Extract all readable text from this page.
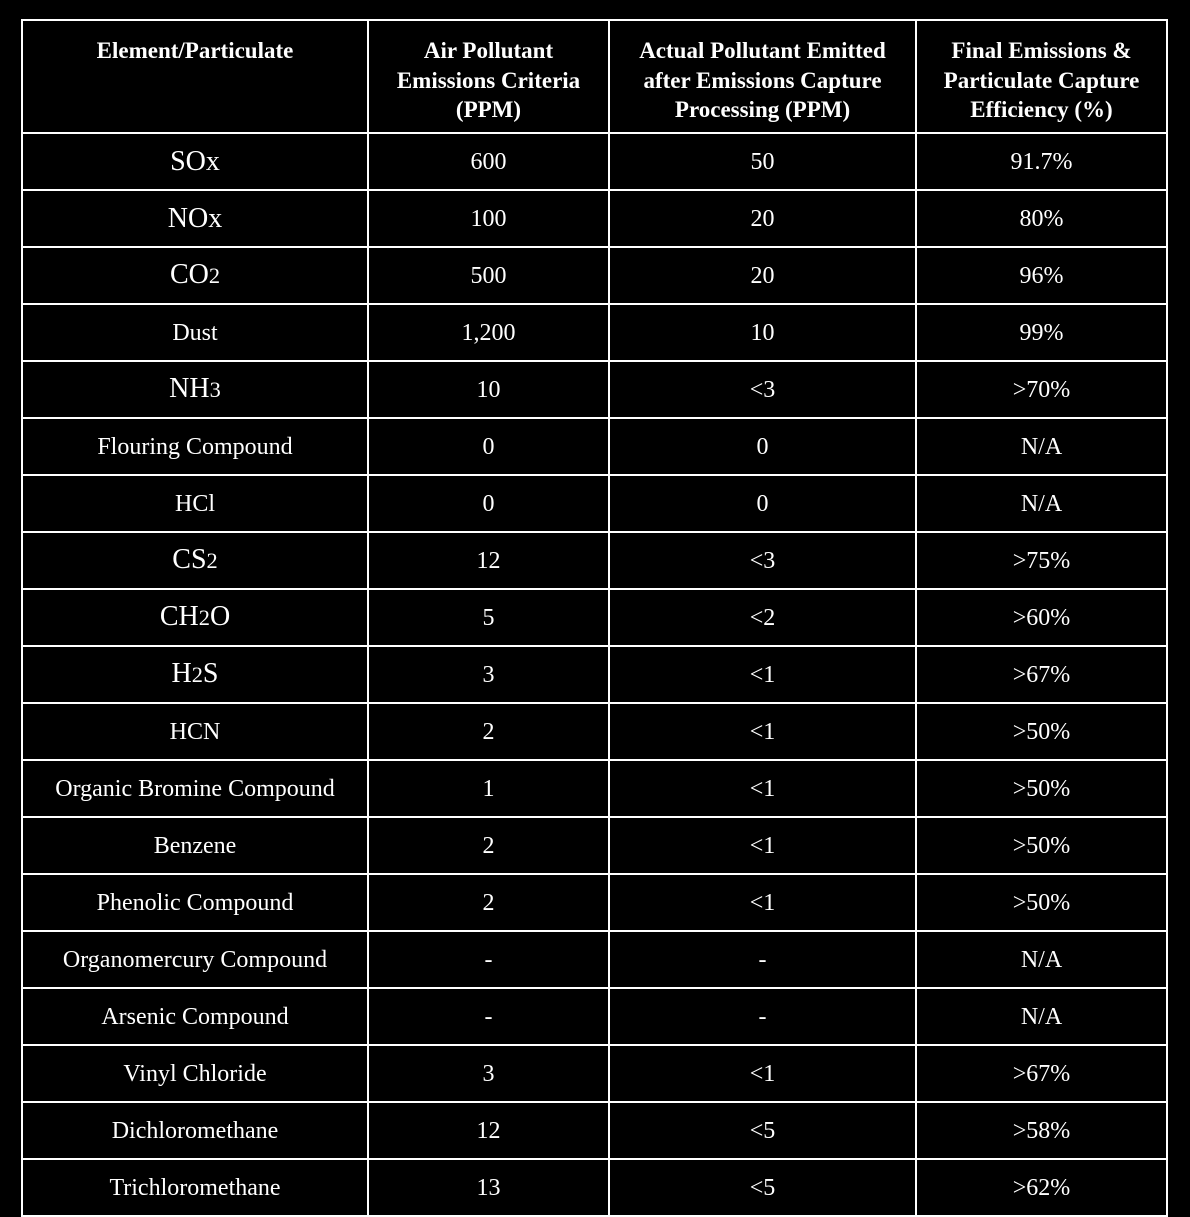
Element/Particulate	Air Pollutant Emissions Criteria (PPM)	Actual Pollutant Emitted after Emissions Capture Processing (PPM)	Final Emissions & Particulate Capture Efficiency (%)
SOx	600	50	91.7%
NOx	100	20	80%
CO2	500	20	96%
Dust	1,200	10	99%
NH3	10	<3	>70%
Flouring Compound	0	0	N/A
HCl	0	0	N/A
CS2	12	<3	>75%
CH2O	5	<2	>60%
H2S	3	<1	>67%
HCN	2	<1	>50%
Organic Bromine Compound	1	<1	>50%
Benzene	2	<1	>50%
Phenolic Compound	2	<1	>50%
Organomercury Compound	-	-	N/A
Arsenic Compound	-	-	N/A
Vinyl Chloride	3	<1	>67%
Dichloromethane	12	<5	>58%
Trichloromethane	13	<5	>62%
